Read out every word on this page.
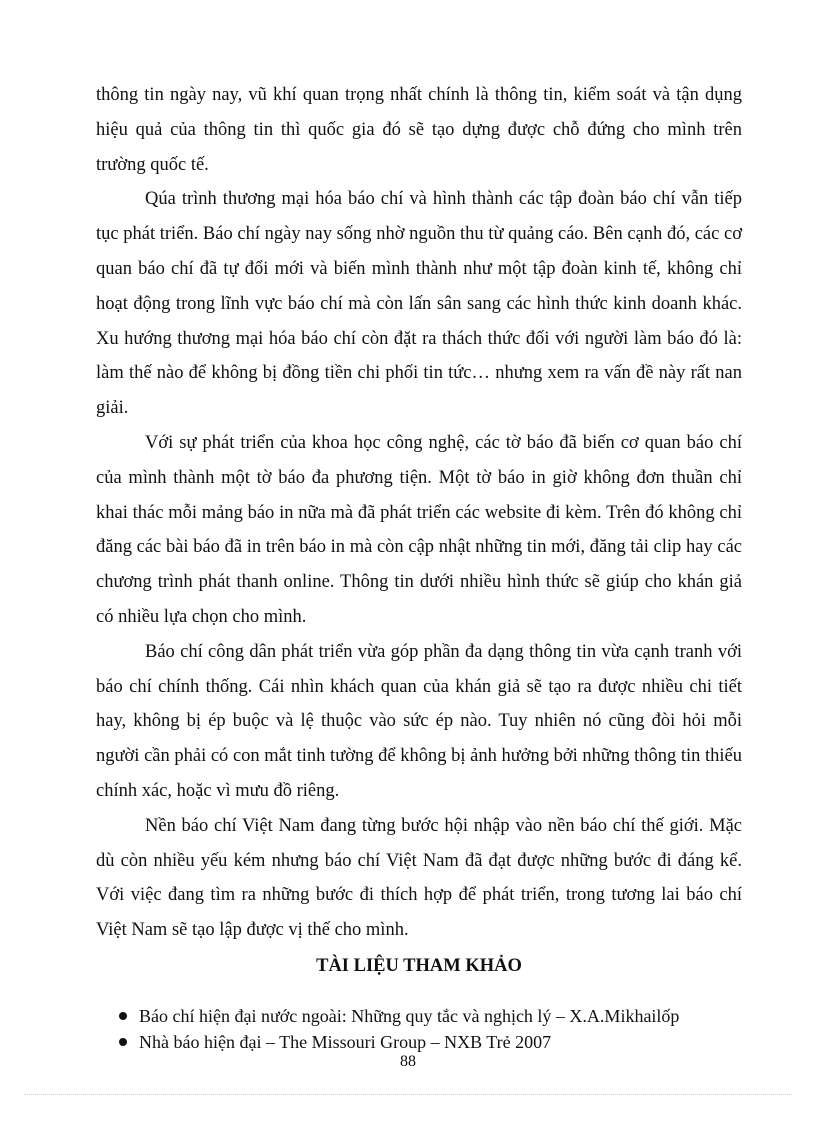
thông tin ngày nay, vũ khí quan trọng nhất chính là thông tin, kiểm soát và tận dụng hiệu quả của thông tin thì quốc gia đó sẽ tạo dựng được chỗ đứng cho mình trên trường quốc tế.

Qúa trình thương mại hóa báo chí và hình thành các tập đoàn báo chí vẫn tiếp tục phát triển. Báo chí ngày nay sống nhờ nguồn thu từ quảng cáo. Bên cạnh đó, các cơ quan báo chí đã tự đổi mới và biến mình thành như một tập đoàn kinh tế, không chỉ hoạt động trong lĩnh vực báo chí mà còn lấn sân sang các hình thức kinh doanh khác. Xu hướng thương mại hóa báo chí còn đặt ra thách thức đối với người làm báo đó là: làm thế nào để không bị đồng tiền chi phối tin tức… nhưng xem ra vấn đề này rất nan giải.

Với sự phát triển của khoa học công nghệ, các tờ báo đã biến cơ quan báo chí của mình thành một tờ báo đa phương tiện. Một tờ báo in giờ không đơn thuần chỉ khai thác mỗi mảng báo in nữa mà đã phát triển các website đi kèm. Trên đó không chỉ đăng các bài báo đã in trên báo in mà còn cập nhật những tin mới, đăng tải clip hay các chương trình phát thanh online. Thông tin dưới nhiều hình thức sẽ giúp cho khán giả có nhiều lựa chọn cho mình.

Báo chí công dân phát triển vừa góp phần đa dạng thông tin vừa cạnh tranh với báo chí chính thống. Cái nhìn khách quan của khán giả sẽ tạo ra được nhiều chi tiết hay, không bị ép buộc và lệ thuộc vào sức ép nào. Tuy nhiên nó cũng đòi hỏi mỗi người cần phải có con mắt tinh tường để không bị ảnh hưởng bởi những thông tin thiếu chính xác, hoặc vì mưu đồ riêng.

Nền báo chí Việt Nam đang từng bước hội nhập vào nền báo chí thế giới. Mặc dù còn nhiều yếu kém nhưng báo chí Việt Nam đã đạt được những bước đi đáng kể. Với việc đang tìm ra những bước đi thích hợp để phát triển, trong tương lai báo chí Việt Nam sẽ tạo lập được vị thế cho mình.

TÀI LIỆU THAM KHẢO
Báo chí hiện đại nước ngoài: Những quy tắc và nghịch lý – X.A.Mikhailốp
Nhà báo hiện đại – The Missouri Group – NXB Trẻ 2007
88
